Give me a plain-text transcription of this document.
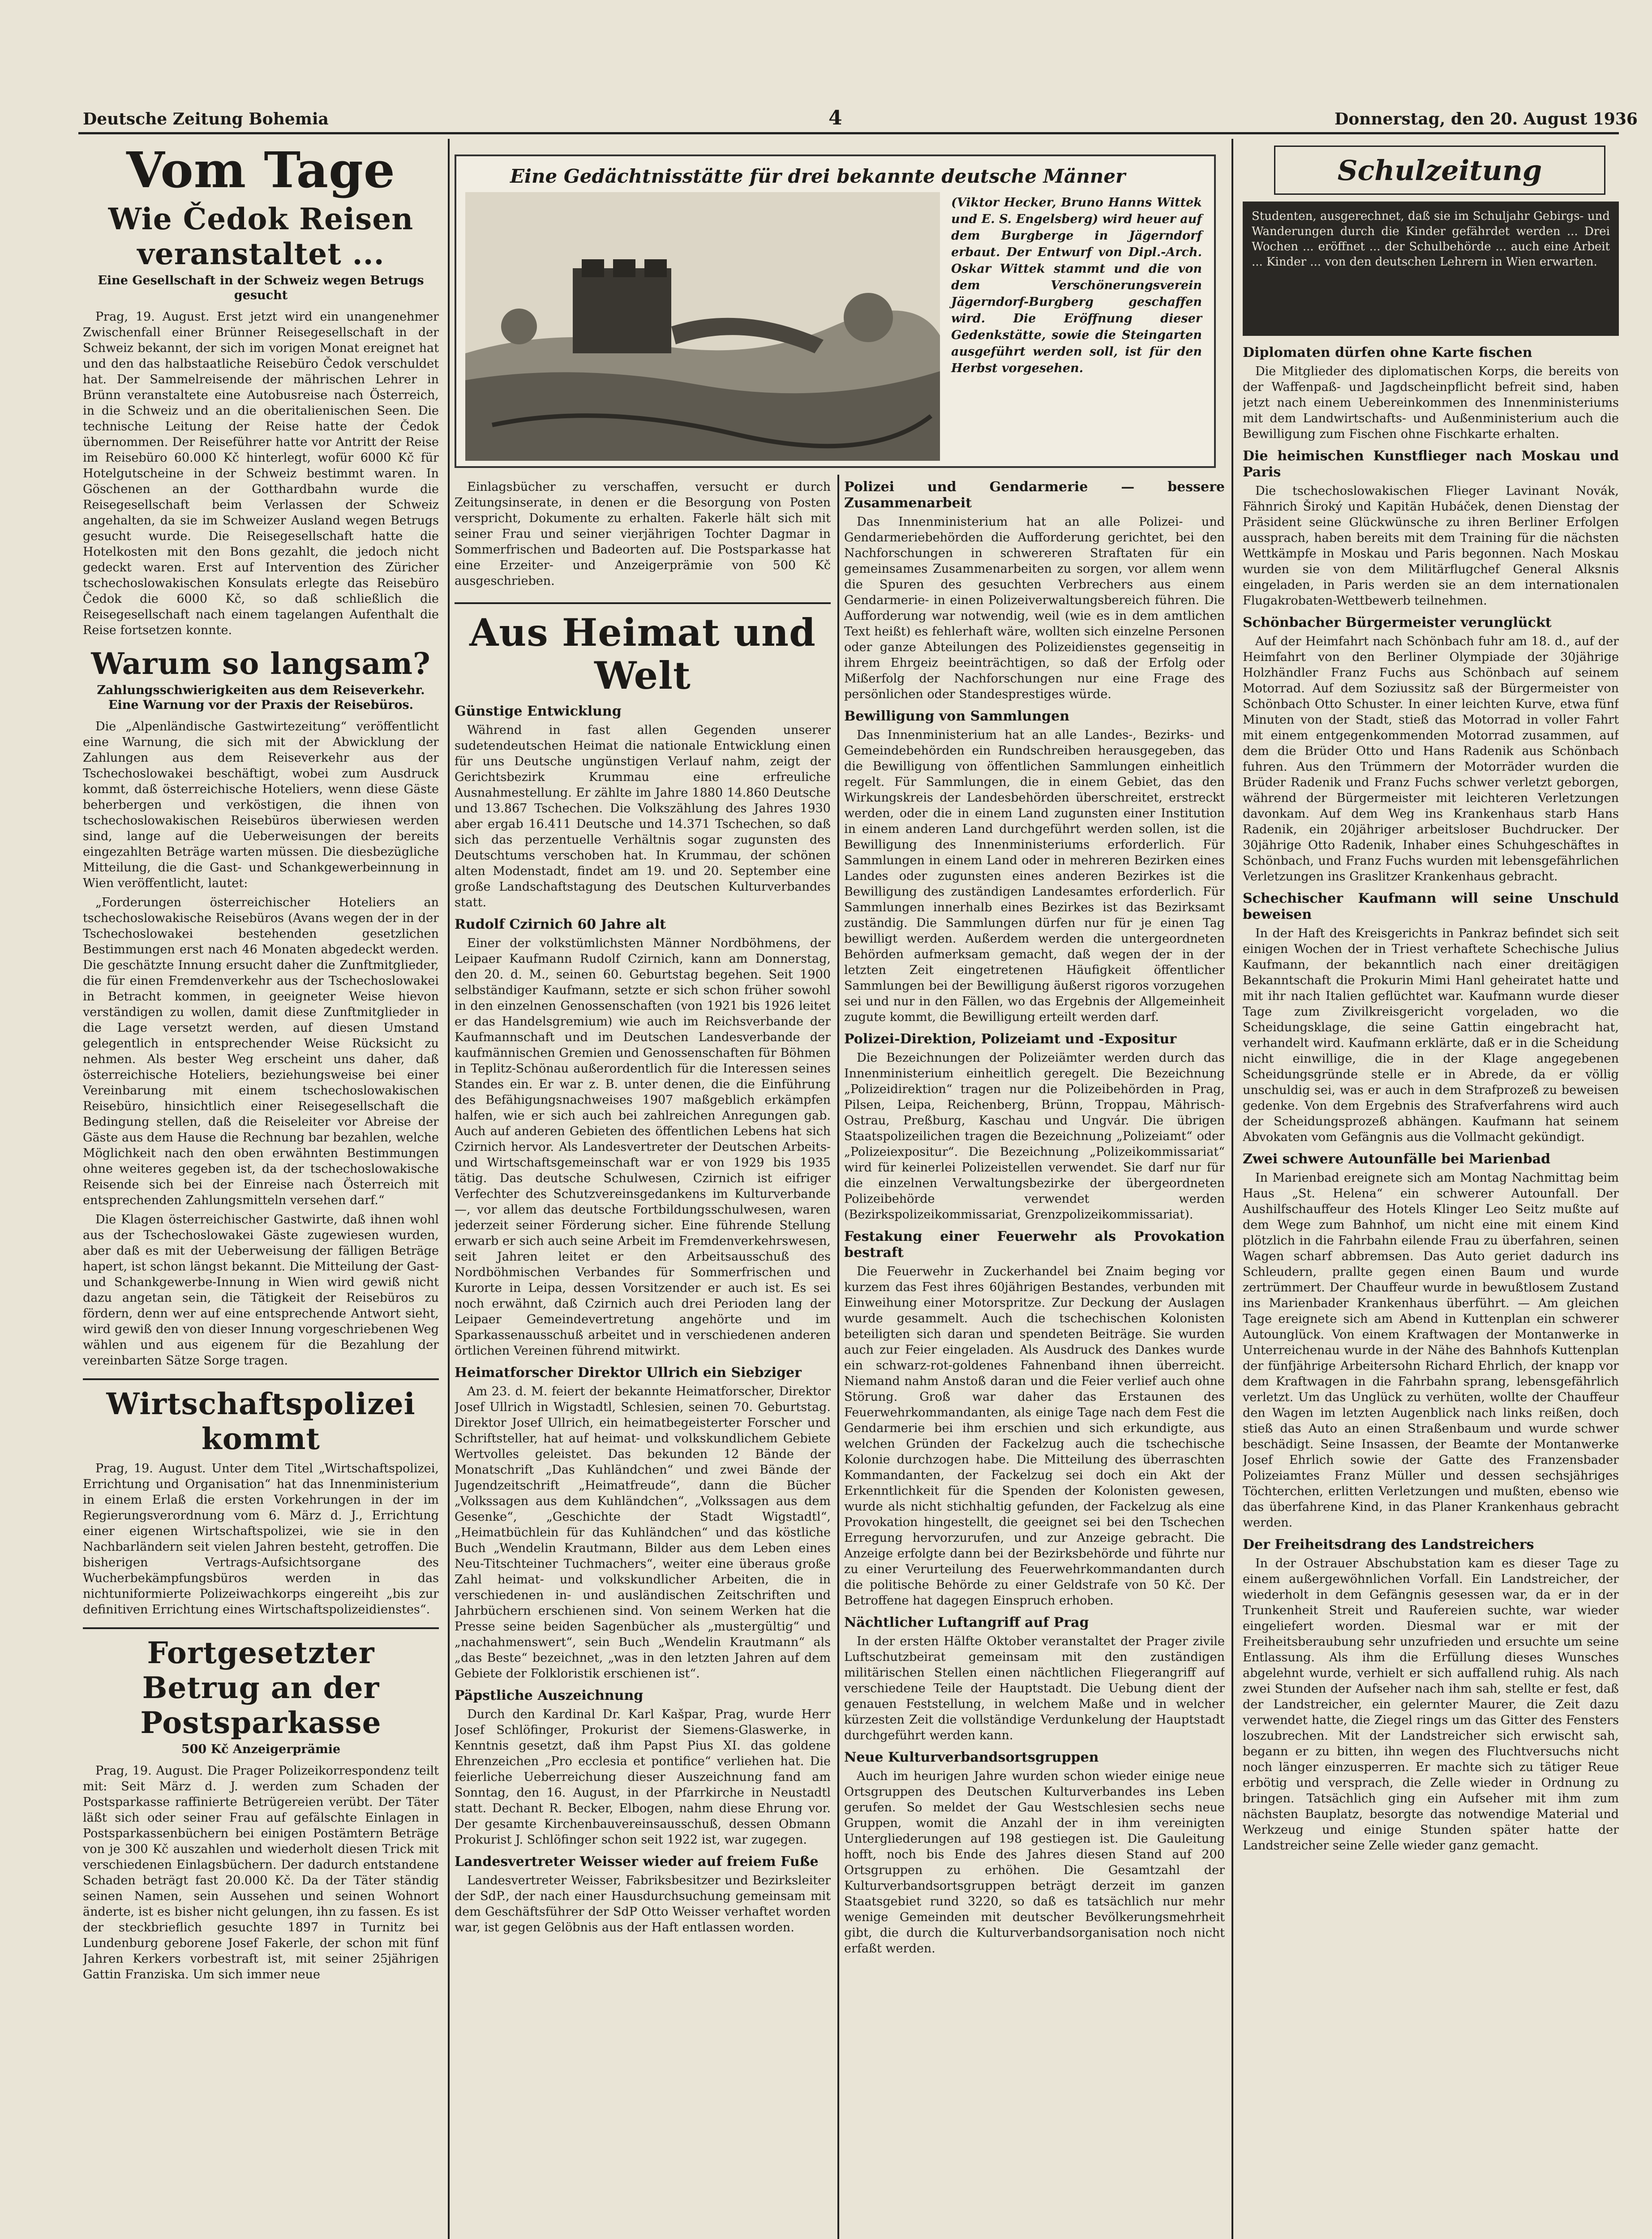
Deutsche Zeitung Bohemia	4	Donnerstag, den 20. August 1936
Vom Tage
Wie Čedok Reisen veranstaltet ...
Eine Gesellschaft in der Schweiz wegen Betrugs gesucht

Prag, 19. August. Erst jetzt wird ein unangenehmer Zwischenfall einer Brünner Reisegesellschaft in der Schweiz bekannt, der sich im vorigen Monat ereignet hat und den das halbstaatliche Reisebüro Čedok verschuldet hat. Der Sammelreisende der mährischen Lehrer in Brünn veranstaltete eine Autobusreise nach Österreich, in die Schweiz und an die oberitalienischen Seen. Die technische Leitung der Reise hatte der Čedok übernommen. Der Reiseführer hatte vor Antritt der Reise im Reisebüro 60.000 Kč hinterlegt, wofür 6000 Kč für Hotelgutscheine in der Schweiz bestimmt waren. In Göschenen an der Gotthardbahn wurde die Reisegesellschaft beim Verlassen der Schweiz angehalten, da sie im Schweizer Ausland wegen Betrugs gesucht wurde. Die Reisegesellschaft hatte die Hotelkosten mit den Bons gezahlt, die jedoch nicht gedeckt waren. Erst auf Intervention des Züricher tschechoslowakischen Konsulats erlegte das Reisebüro Čedok die 6000 Kč, so daß schließlich die Reisegesellschaft nach einem tagelangen Aufenthalt die Reise fortsetzen konnte.

Warum so langsam?
Zahlungsschwierigkeiten aus dem Reiseverkehr. Eine Warnung vor der Praxis der Reisebüros.

Die „Alpenländische Gastwirtezeitung“ veröffentlicht eine Warnung, die sich mit der Abwicklung der Zahlungen aus dem Reiseverkehr aus der Tschechoslowakei beschäftigt, wobei zum Ausdruck kommt, daß österreichische Hoteliers, wenn diese Gäste beherbergen und verköstigen, die ihnen von tschechoslowakischen Reisebüros überwiesen werden sind, lange auf die Ueberweisungen der bereits eingezahlten Beträge warten müssen. Die diesbezügliche Mitteilung, die die Gast- und Schankgewerbeinnung in Wien veröffentlicht, lautet:

„Forderungen österreichischer Hoteliers an tschechoslowakische Reisebüros (Avans wegen der in der Tschechoslowakei bestehenden gesetzlichen Bestimmungen erst nach 46 Monaten abgedeckt werden. Die geschätzte Innung ersucht daher die Zunftmitglieder, die für einen Fremdenverkehr aus der Tschechoslowakei in Betracht kommen, in geeigneter Weise hievon verständigen zu wollen, damit diese Zunftmitglieder in die Lage versetzt werden, auf diesen Umstand gelegentlich in entsprechender Weise Rücksicht zu nehmen. Als bester Weg erscheint uns daher, daß österreichische Hoteliers, beziehungsweise bei einer Vereinbarung mit einem tschechoslowakischen Reisebüro, hinsichtlich einer Reisegesellschaft die Bedingung stellen, daß die Reiseleiter vor Abreise der Gäste aus dem Hause die Rechnung bar bezahlen, welche Möglichkeit nach den oben erwähnten Bestimmungen ohne weiteres gegeben ist, da der tschechoslowakische Reisende sich bei der Einreise nach Österreich mit entsprechenden Zahlungsmitteln versehen darf.“

Die Klagen österreichischer Gastwirte, daß ihnen wohl aus der Tschechoslowakei Gäste zugewiesen wurden, aber daß es mit der Ueberweisung der fälligen Beträge hapert, ist schon längst bekannt. Die Mitteilung der Gast- und Schankgewerbe-Innung in Wien wird gewiß nicht dazu angetan sein, die Tätigkeit der Reisebüros zu fördern, denn wer auf eine entsprechende Antwort sieht, wird gewiß den von dieser Innung vorgeschriebenen Weg wählen und aus eigenem für die Bezahlung der vereinbarten Sätze Sorge tragen.

Wirtschaftspolizei kommt

Prag, 19. August. Unter dem Titel „Wirtschaftspolizei, Errichtung und Organisation“ hat das Innenministerium in einem Erlaß die ersten Vorkehrungen in der im Regierungsverordnung vom 6. März d. J., Errichtung einer eigenen Wirtschaftspolizei, wie sie in den Nachbarländern seit vielen Jahren besteht, getroffen. Die bisherigen Vertrags-Aufsichtsorgane des Wucherbekämpfungsbüros werden in das nichtuniformierte Polizeiwachkorps eingereiht „bis zur definitiven Errichtung eines Wirtschaftspolizeidienstes“.

Fortgesetzter Betrug an der Postsparkasse
500 Kč Anzeigerprämie

Prag, 19. August. Die Prager Polizeikorrespondenz teilt mit: Seit März d. J. werden zum Schaden der Postsparkasse raffinierte Betrügereien verübt. Der Täter läßt sich oder seiner Frau auf gefälschte Einlagen in Postsparkassenbüchern bei einigen Postämtern Beträge von je 300 Kč auszahlen und wiederholt diesen Trick mit verschiedenen Einlagsbüchern. Der dadurch entstandene Schaden beträgt fast 20.000 Kč. Da der Täter ständig seinen Namen, sein Aussehen und seinen Wohnort änderte, ist es bisher nicht gelungen, ihn zu fassen. Es ist der steckbrieflich gesuchte 1897 in Turnitz bei Lundenburg geborene Josef Fakerle, der schon mit fünf Jahren Kerkers vorbestraft ist, mit seiner 25jährigen Gattin Franziska. Um sich immer neue

Eine Gedächtnisstätte für drei bekannte deutsche Männer
(Viktor Hecker, Bruno Hanns Wittek und E. S. Engelsberg) wird heuer auf dem Burgberge in Jägerndorf erbaut. Der Entwurf von Dipl.-Arch. Oskar Wittek stammt und die von dem Verschönerungsverein Jägerndorf-Burgberg geschaffen wird. Die Eröffnung dieser Gedenkstätte, sowie die Steingarten ausgeführt werden soll, ist für den Herbst vorgesehen.

Einlagsbücher zu verschaffen, versucht er durch Zeitungsinserate, in denen er die Besorgung von Posten verspricht, Dokumente zu erhalten. Fakerle hält sich mit seiner Frau und seiner vierjährigen Tochter Dagmar in Sommerfrischen und Badeorten auf. Die Postsparkasse hat eine Erzeiter- und Anzeigerprämie von 500 Kč ausgeschrieben.

Aus Heimat und Welt
Günstige Entwicklung

Während in fast allen Gegenden unserer sudetendeutschen Heimat die nationale Entwicklung einen für uns Deutsche ungünstigen Verlauf nahm, zeigt der Gerichtsbezirk Krummau eine erfreuliche Ausnahmestellung. Er zählte im Jahre 1880 14.860 Deutsche und 13.867 Tschechen. Die Volkszählung des Jahres 1930 aber ergab 16.411 Deutsche und 14.371 Tschechen, so daß sich das perzentuelle Verhältnis sogar zugunsten des Deutschtums verschoben hat. In Krummau, der schönen alten Modenstadt, findet am 19. und 20. September eine große Landschaftstagung des Deutschen Kulturverbandes statt.

Rudolf Czirnich 60 Jahre alt

Einer der volkstümlichsten Männer Nordböhmens, der Leipaer Kaufmann Rudolf Czirnich, kann am Donnerstag, den 20. d. M., seinen 60. Geburtstag begehen. Seit 1900 selbständiger Kaufmann, setzte er sich schon früher sowohl in den einzelnen Genossenschaften (von 1921 bis 1926 leitet er das Handelsgremium) wie auch im Reichsverbande der Kaufmannschaft und im Deutschen Landesverbande der kaufmännischen Gremien und Genossenschaften für Böhmen in Teplitz-Schönau außerordentlich für die Interessen seines Standes ein. Er war z. B. unter denen, die die Einführung des Befähigungsnachweises 1907 maßgeblich erkämpfen halfen, wie er sich auch bei zahlreichen Anregungen gab. Auch auf anderen Gebieten des öffentlichen Lebens hat sich Czirnich hervor. Als Landesvertreter der Deutschen Arbeits- und Wirtschaftsgemeinschaft war er von 1929 bis 1935 tätig. Das deutsche Schulwesen, Czirnich ist eifriger Verfechter des Schutzvereinsgedankens im Kulturverbande —, vor allem das deutsche Fortbildungsschulwesen, waren jederzeit seiner Förderung sicher. Eine führende Stellung erwarb er sich auch seine Arbeit im Fremdenverkehrswesen, seit Jahren leitet er den Arbeitsausschuß des Nordböhmischen Verbandes für Sommerfrischen und Kurorte in Leipa, dessen Vorsitzender er auch ist. Es sei noch erwähnt, daß Czirnich auch drei Perioden lang der Leipaer Gemeindevertretung angehörte und im Sparkassenausschuß arbeitet und in verschiedenen anderen örtlichen Vereinen führend mitwirkt.

Heimatforscher Direktor Ullrich ein Siebziger

Am 23. d. M. feiert der bekannte Heimatforscher, Direktor Josef Ullrich in Wigstadtl, Schlesien, seinen 70. Geburtstag. Direktor Josef Ullrich, ein heimatbegeisterter Forscher und Schriftsteller, hat auf heimat- und volkskundlichem Gebiete Wertvolles geleistet. Das bekunden 12 Bände der Monatschrift „Das Kuhländchen“ und zwei Bände der Jugendzeitschrift „Heimatfreude“, dann die Bücher „Volkssagen aus dem Kuhländchen“, „Volkssagen aus dem Gesenke“, „Geschichte der Stadt Wigstadtl“, „Heimatbüchlein für das Kuhländchen“ und das köstliche Buch „Wendelin Krautmann, Bilder aus dem Leben eines Neu-Titschteiner Tuchmachers“, weiter eine überaus große Zahl heimat- und volkskundlicher Arbeiten, die in verschiedenen in- und ausländischen Zeitschriften und Jahrbüchern erschienen sind. Von seinem Werken hat die Presse seine beiden Sagenbücher als „mustergültig“ und „nachahmenswert“, sein Buch „Wendelin Krautmann“ als „das Beste“ bezeichnet, „was in den letzten Jahren auf dem Gebiete der Folkloristik erschienen ist“.

Päpstliche Auszeichnung

Durch den Kardinal Dr. Karl Kašpar, Prag, wurde Herr Josef Schlöfinger, Prokurist der Siemens-Glaswerke, in Kenntnis gesetzt, daß ihm Papst Pius XI. das goldene Ehrenzeichen „Pro ecclesia et pontifice“ verliehen hat. Die feierliche Ueberreichung dieser Auszeichnung fand am Sonntag, den 16. August, in der Pfarrkirche in Neustadtl statt. Dechant R. Becker, Elbogen, nahm diese Ehrung vor. Der gesamte Kirchenbauvereinsausschuß, dessen Obmann Prokurist J. Schlöfinger schon seit 1922 ist, war zugegen.

Landesvertreter Weisser wieder auf freiem Fuße

Landesvertreter Weisser, Fabriksbesitzer und Bezirksleiter der SdP., der nach einer Hausdurchsuchung gemeinsam mit dem Geschäftsführer der SdP Otto Weisser verhaftet worden war, ist gegen Gelöbnis aus der Haft entlassen worden.

Polizei und Gendarmerie — bessere Zusammenarbeit

Das Innenministerium hat an alle Polizei- und Gendarmeriebehörden die Aufforderung gerichtet, bei den Nachforschungen in schwereren Straftaten für ein gemeinsames Zusammenarbeiten zu sorgen, vor allem wenn die Spuren des gesuchten Verbrechers aus einem Gendarmerie- in einen Polizeiverwaltungsbereich führen. Die Aufforderung war notwendig, weil (wie es in dem amtlichen Text heißt) es fehlerhaft wäre, wollten sich einzelne Personen oder ganze Abteilungen des Polizeidienstes gegenseitig in ihrem Ehrgeiz beeinträchtigen, so daß der Erfolg oder Mißerfolg der Nachforschungen nur eine Frage des persönlichen oder Standesprestiges würde.

Bewilligung von Sammlungen

Das Innenministerium hat an alle Landes-, Bezirks- und Gemeindebehörden ein Rundschreiben herausgegeben, das die Bewilligung von öffentlichen Sammlungen einheitlich regelt. Für Sammlungen, die in einem Gebiet, das den Wirkungskreis der Landesbehörden überschreitet, erstreckt werden, oder die in einem Land zugunsten einer Institution in einem anderen Land durchgeführt werden sollen, ist die Bewilligung des Innenministeriums erforderlich. Für Sammlungen in einem Land oder in mehreren Bezirken eines Landes oder zugunsten eines anderen Bezirkes ist die Bewilligung des zuständigen Landesamtes erforderlich. Für Sammlungen innerhalb eines Bezirkes ist das Bezirksamt zuständig. Die Sammlungen dürfen nur für je einen Tag bewilligt werden. Außerdem werden die untergeordneten Behörden aufmerksam gemacht, daß wegen der in der letzten Zeit eingetretenen Häufigkeit öffentlicher Sammlungen bei der Bewilligung äußerst rigoros vorzugehen sei und nur in den Fällen, wo das Ergebnis der Allgemeinheit zugute kommt, die Bewilligung erteilt werden darf.

Polizei-Direktion, Polizeiamt und -Expositur

Die Bezeichnungen der Polizeiämter werden durch das Innenministerium einheitlich geregelt. Die Bezeichnung „Polizeidirektion“ tragen nur die Polizeibehörden in Prag, Pilsen, Leipa, Reichenberg, Brünn, Troppau, Mährisch-Ostrau, Preßburg, Kaschau und Ungvár. Die übrigen Staatspolizeilichen tragen die Bezeichnung „Polizeiamt“ oder „Polizeiexpositur“. Die Bezeichnung „Polizeikommissariat“ wird für keinerlei Polizeistellen verwendet. Sie darf nur für die einzelnen Verwaltungsbezirke der übergeordneten Polizeibehörde verwendet werden (Bezirkspolizeikommissariat, Grenzpolizeikommissariat).

Festakung einer Feuerwehr als Provokation bestraft

Die Feuerwehr in Zuckerhandel bei Znaim beging vor kurzem das Fest ihres 60jährigen Bestandes, verbunden mit Einweihung einer Motorspritze. Zur Deckung der Auslagen wurde gesammelt. Auch die tschechischen Kolonisten beteiligten sich daran und spendeten Beiträge. Sie wurden auch zur Feier eingeladen. Als Ausdruck des Dankes wurde ein schwarz-rot-goldenes Fahnenband ihnen überreicht. Niemand nahm Anstoß daran und die Feier verlief auch ohne Störung. Groß war daher das Erstaunen des Feuerwehrkommandanten, als einige Tage nach dem Fest die Gendarmerie bei ihm erschien und sich erkundigte, aus welchen Gründen der Fackelzug auch die tschechische Kolonie durchzogen habe. Die Mitteilung des überraschten Kommandanten, der Fackelzug sei doch ein Akt der Erkenntlichkeit für die Spenden der Kolonisten gewesen, wurde als nicht stichhaltig gefunden, der Fackelzug als eine Provokation hingestellt, die geeignet sei bei den Tschechen Erregung hervorzurufen, und zur Anzeige gebracht. Die Anzeige erfolgte dann bei der Bezirksbehörde und führte nur zu einer Verurteilung des Feuerwehrkommandanten durch die politische Behörde zu einer Geldstrafe von 50 Kč. Der Betroffene hat dagegen Einspruch erhoben.

Nächtlicher Luftangriff auf Prag

In der ersten Hälfte Oktober veranstaltet der Prager zivile Luftschutzbeirat gemeinsam mit den zuständigen militärischen Stellen einen nächtlichen Fliegerangriff auf verschiedene Teile der Hauptstadt. Die Uebung dient der genauen Feststellung, in welchem Maße und in welcher kürzesten Zeit die vollständige Verdunkelung der Hauptstadt durchgeführt werden kann.

Neue Kulturverbandsortsgruppen

Auch im heurigen Jahre wurden schon wieder einige neue Ortsgruppen des Deutschen Kulturverbandes ins Leben gerufen. So meldet der Gau Westschlesien sechs neue Gruppen, womit die Anzahl der in ihm vereinigten Untergliederungen auf 198 gestiegen ist. Die Gauleitung hofft, noch bis Ende des Jahres diesen Stand auf 200 Ortsgruppen zu erhöhen. Die Gesamtzahl der Kulturverbandsortsgruppen beträgt derzeit im ganzen Staatsgebiet rund 3220, so daß es tatsächlich nur mehr wenige Gemeinden mit deutscher Bevölkerungsmehrheit gibt, die durch die Kulturverbandsorganisation noch nicht erfaßt werden.

Schulzeitung
Studenten, ausgerechnet, daß sie im Schuljahr Gebirgs- und Wanderungen durch die Kinder gefährdet werden ... Drei Wochen ... eröffnet ... der Schulbehörde ... auch eine Arbeit ... Kinder ... von den deutschen Lehrern in Wien erwarten.
Diplomaten dürfen ohne Karte fischen

Die Mitglieder des diplomatischen Korps, die bereits von der Waffenpaß- und Jagdscheinpflicht befreit sind, haben jetzt nach einem Uebereinkommen des Innenministeriums mit dem Landwirtschafts- und Außenministerium auch die Bewilligung zum Fischen ohne Fischkarte erhalten.

Die heimischen Kunstflieger nach Moskau und Paris

Die tschechoslowakischen Flieger Lavinant Novák, Fähnrich Široký und Kapitän Hubáček, denen Dienstag der Präsident seine Glückwünsche zu ihren Berliner Erfolgen aussprach, haben bereits mit dem Training für die nächsten Wettkämpfe in Moskau und Paris begonnen. Nach Moskau wurden sie von dem Militärflugchef General Alksnis eingeladen, in Paris werden sie an dem internationalen Flugakrobaten-Wettbewerb teilnehmen.

Schönbacher Bürgermeister verunglückt

Auf der Heimfahrt nach Schönbach fuhr am 18. d., auf der Heimfahrt von den Berliner Olympiade der 30jährige Holzhändler Franz Fuchs aus Schönbach auf seinem Motorrad. Auf dem Soziussitz saß der Bürgermeister von Schönbach Otto Schuster. In einer leichten Kurve, etwa fünf Minuten von der Stadt, stieß das Motorrad in voller Fahrt mit einem entgegenkommenden Motorrad zusammen, auf dem die Brüder Otto und Hans Radenik aus Schönbach fuhren. Aus den Trümmern der Motorräder wurden die Brüder Radenik und Franz Fuchs schwer verletzt geborgen, während der Bürgermeister mit leichteren Verletzungen davonkam. Auf dem Weg ins Krankenhaus starb Hans Radenik, ein 20jähriger arbeitsloser Buchdrucker. Der 30jährige Otto Radenik, Inhaber eines Schuhgeschäftes in Schönbach, und Franz Fuchs wurden mit lebensgefährlichen Verletzungen ins Graslitzer Krankenhaus gebracht.

Schechischer Kaufmann will seine Unschuld beweisen

In der Haft des Kreisgerichts in Pankraz befindet sich seit einigen Wochen der in Triest verhaftete Schechische Julius Kaufmann, der bekanntlich nach einer dreitägigen Bekanntschaft die Prokurin Mimi Hanl geheiratet hatte und mit ihr nach Italien geflüchtet war. Kaufmann wurde dieser Tage zum Zivilkreisgericht vorgeladen, wo die Scheidungsklage, die seine Gattin eingebracht hat, verhandelt wird. Kaufmann erklärte, daß er in die Scheidung nicht einwillige, die in der Klage angegebenen Scheidungsgründe stelle er in Abrede, da er völlig unschuldig sei, was er auch in dem Strafprozeß zu beweisen gedenke. Von dem Ergebnis des Strafverfahrens wird auch der Scheidungsprozeß abhängen. Kaufmann hat seinem Abvokaten vom Gefängnis aus die Vollmacht gekündigt.

Zwei schwere Autounfälle bei Marienbad

In Marienbad ereignete sich am Montag Nachmittag beim Haus „St. Helena“ ein schwerer Autounfall. Der Aushilfschauffeur des Hotels Klinger Leo Seitz mußte auf dem Wege zum Bahnhof, um nicht eine mit einem Kind plötzlich in die Fahrbahn eilende Frau zu überfahren, seinen Wagen scharf abbremsen. Das Auto geriet dadurch ins Schleudern, prallte gegen einen Baum und wurde zertrümmert. Der Chauffeur wurde in bewußtlosem Zustand ins Marienbader Krankenhaus überführt. — Am gleichen Tage ereignete sich am Abend in Kuttenplan ein schwerer Autounglück. Von einem Kraftwagen der Montanwerke in Unterreichenau wurde in der Nähe des Bahnhofs Kuttenplan der fünfjährige Arbeitersohn Richard Ehrlich, der knapp vor dem Kraftwagen in die Fahrbahn sprang, lebensgefährlich verletzt. Um das Unglück zu verhüten, wollte der Chauffeur den Wagen im letzten Augenblick nach links reißen, doch stieß das Auto an einen Straßenbaum und wurde schwer beschädigt. Seine Insassen, der Beamte der Montanwerke Josef Ehrlich sowie der Gatte des Franzensbader Polizeiamtes Franz Müller und dessen sechsjähriges Töchterchen, erlitten Verletzungen und mußten, ebenso wie das überfahrene Kind, in das Planer Krankenhaus gebracht werden.

Der Freiheitsdrang des Landstreichers

In der Ostrauer Abschubstation kam es dieser Tage zu einem außergewöhnlichen Vorfall. Ein Landstreicher, der wiederholt in dem Gefängnis gesessen war, da er in der Trunkenheit Streit und Raufereien suchte, war wieder eingeliefert worden. Diesmal war er mit der Freiheitsberaubung sehr unzufrieden und ersuchte um seine Entlassung. Als ihm die Erfüllung dieses Wunsches abgelehnt wurde, verhielt er sich auffallend ruhig. Als nach zwei Stunden der Aufseher nach ihm sah, stellte er fest, daß der Landstreicher, ein gelernter Maurer, die Zeit dazu verwendet hatte, die Ziegel rings um das Gitter des Fensters loszubrechen. Mit der Landstreicher sich erwischt sah, begann er zu bitten, ihn wegen des Fluchtversuchs nicht noch länger einzusperren. Er machte sich zu tätiger Reue erbötig und versprach, die Zelle wieder in Ordnung zu bringen. Tatsächlich ging ein Aufseher mit ihm zum nächsten Bauplatz, besorgte das notwendige Material und Werkzeug und einige Stunden später hatte der Landstreicher seine Zelle wieder ganz gemacht.
